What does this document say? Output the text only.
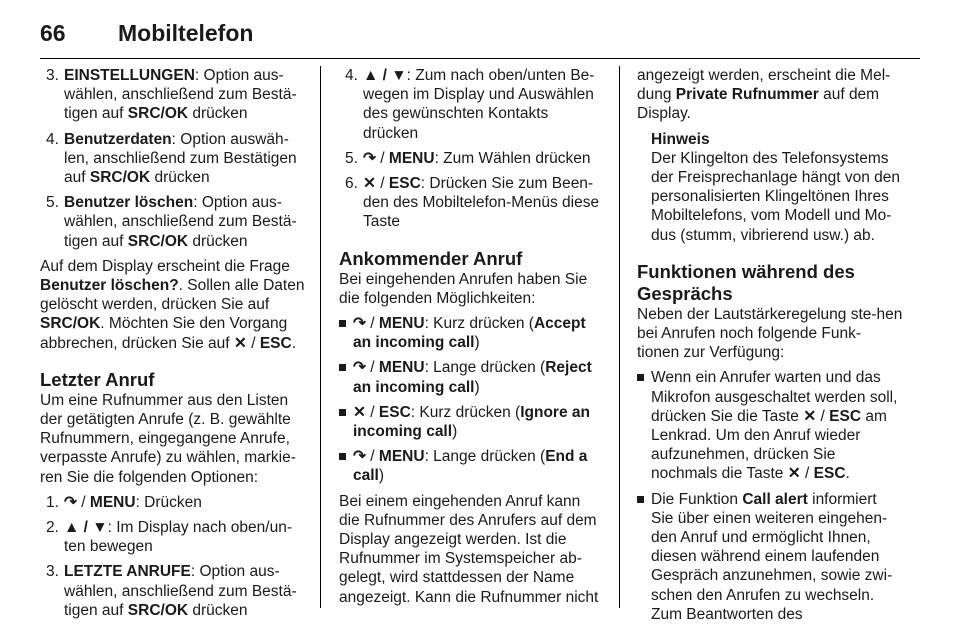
66 Mobiltelefon
3. EINSTELLUNGEN: Option aus-wählen, anschließend zum Bestä-tigen auf SRC/OK drücken
4. Benutzerdaten: Option auswäh-len, anschließend zum Bestätigen auf SRC/OK drücken
5. Benutzer löschen: Option aus-wählen, anschließend zum Bestä-tigen auf SRC/OK drücken

Auf dem Display erscheint die Frage Benutzer löschen?. Sollen alle Daten gelöscht werden, drücken Sie auf SRC/OK. Möchten Sie den Vorgang abbrechen, drücken Sie auf ✕ / ESC.

Letzter Anruf

Um eine Rufnummer aus den Listen der getätigten Anrufe (z. B. gewählte Rufnummern, eingegangene Anrufe, verpasste Anrufe) zu wählen, markie-ren Sie die folgenden Optionen:

1. ↷ / MENU: Drücken
2. ▲ / ▼: Im Display nach oben/un-ten bewegen
3. LETZTE ANRUFE: Option aus-wählen, anschließend zum Bestä-tigen auf SRC/OK drücken
4. ▲ / ▼: Zum nach oben/unten Be-wegen im Display und Auswählen des gewünschten Kontakts drücken
5. ↷ / MENU: Zum Wählen drücken
6. ✕ / ESC: Drücken Sie zum Been-den des Mobiltelefon-Menüs diese Taste
Ankommender Anruf

Bei eingehenden Anrufen haben Sie die folgenden Möglichkeiten:

↷ / MENU: Kurz drücken (Accept an incoming call)
↷ / MENU: Lange drücken (Reject an incoming call)
✕ / ESC: Kurz drücken (Ignore an incoming call)
↷ / MENU: Lange drücken (End a call)

Bei einem eingehenden Anruf kann die Rufnummer des Anrufers auf dem Display angezeigt werden. Ist die Rufnummer im Systemspeicher ab-gelegt, wird stattdessen der Name angezeigt. Kann die Rufnummer nicht

angezeigt werden, erscheint die Mel-dung Private Rufnummer auf dem Display.

Hinweis

Der Klingelton des Telefonsystems der Freisprechanlage hängt von den personalisierten Klingeltönen Ihres Mobiltelefons, vom Modell und Mo-dus (stumm, vibrierend usw.) ab.

Funktionen während des Gesprächs

Neben der Lautstärkeregelung ste-hen bei Anrufen noch folgende Funk-tionen zur Verfügung:

Wenn ein Anrufer warten und das Mikrofon ausgeschaltet werden soll, drücken Sie die Taste ✕ / ESC am Lenkrad. Um den Anruf wieder aufzunehmen, drücken Sie nochmals die Taste ✕ / ESC.
Die Funktion Call alert informiert Sie über einen weiteren eingehen-den Anruf und ermöglicht Ihnen, diesen während einem laufenden Gespräch anzunehmen, sowie zwi-schen den Anrufen zu wechseln. Zum Beantworten des
